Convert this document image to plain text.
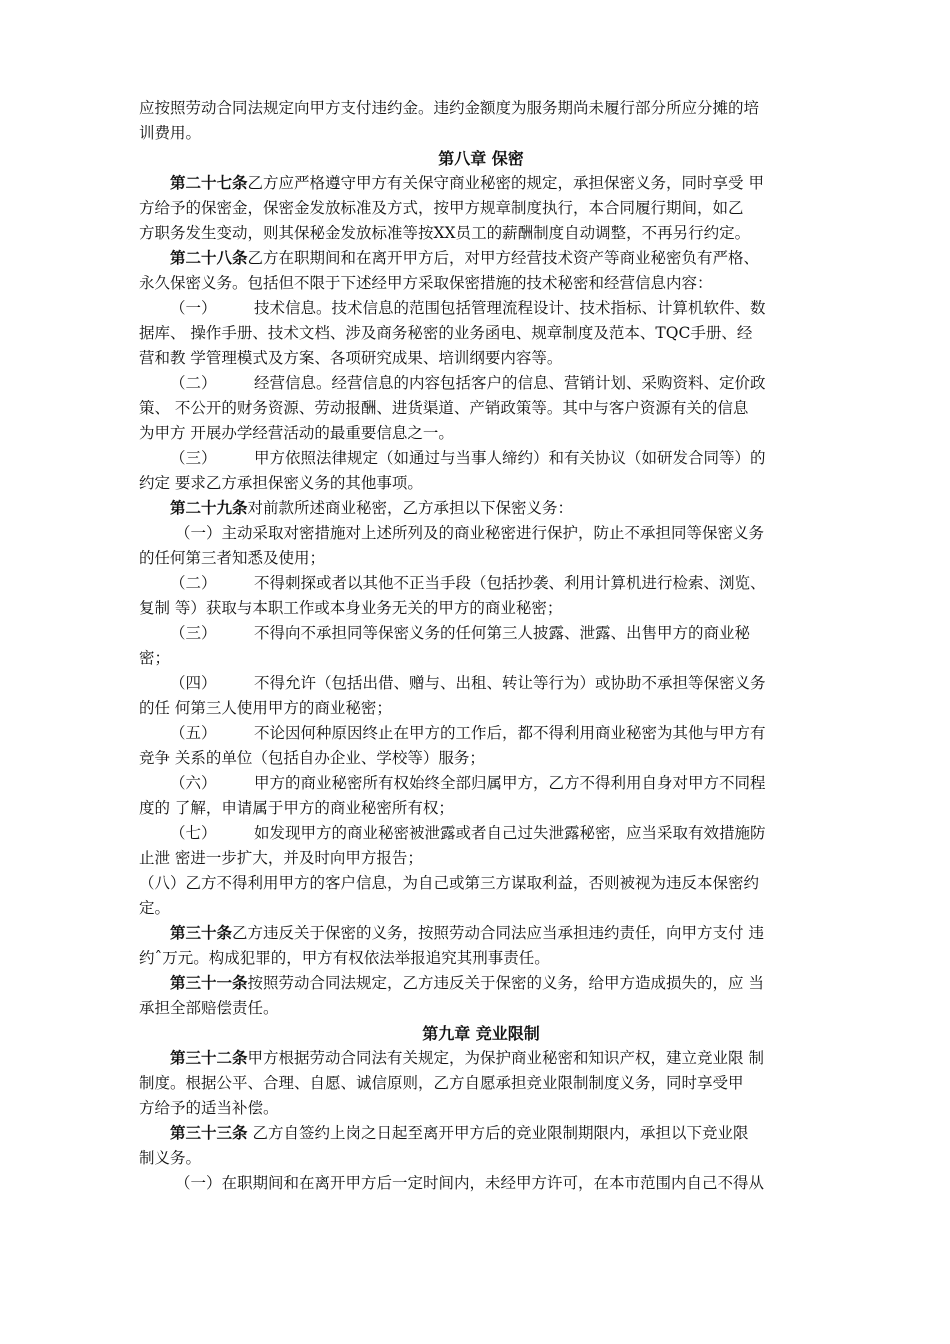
应按照劳动合同法规定向甲方支付违约金。违约金额度为服务期尚未履行部分所应分摊的培
训费用。
第八章 保密
第二十七条乙方应严格遵守甲方有关保守商业秘密的规定，承担保密义务，同时享受 甲
方给予的保密金，保密金发放标准及方式，按甲方规章制度执行，本合同履行期间，如乙
方职务发生变动，则其保秘金发放标准等按XX员工的薪酬制度自动调整，不再另行约定。
第二十八条乙方在职期间和在离开甲方后，对甲方经营技术资产等商业秘密负有严格、
永久保密义务。包括但不限于下述经甲方采取保密措施的技术秘密和经营信息内容：
（一） 技术信息。技术信息的范围包括管理流程设计、技术指标、计算机软件、数
据库、 操作手册、技术文档、涉及商务秘密的业务函电、规章制度及范本、TQC手册、经
营和教 学管理模式及方案、各项研究成果、培训纲要内容等。
（二） 经营信息。经营信息的内容包括客户的信息、营销计划、采购资料、定价政
策、 不公开的财务资源、劳动报酬、进货渠道、产销政策等。其中与客户资源有关的信息
为甲方 开展办学经营活动的最重要信息之一。
（三） 甲方依照法律规定（如通过与当事人缔约）和有关协议（如研发合同等）的
约定 要求乙方承担保密义务的其他事项。
第二十九条对前款所述商业秘密，乙方承担以下保密义务：
（一）主动采取对密措施对上述所列及的商业秘密进行保护，防止不承担同等保密义务
的任何第三者知悉及使用；
（二） 不得刺探或者以其他不正当手段（包括抄袭、利用计算机进行检索、浏览、
复制 等）获取与本职工作或本身业务无关的甲方的商业秘密；
（三） 不得向不承担同等保密义务的任何第三人披露、泄露、出售甲方的商业秘
密；
（四） 不得允许（包括出借、赠与、出租、转让等行为）或协助不承担等保密义务
的任 何第三人使用甲方的商业秘密；
（五） 不论因何种原因终止在甲方的工作后，都不得利用商业秘密为其他与甲方有
竞争 关系的单位（包括自办企业、学校等）服务；
（六） 甲方的商业秘密所有权始终全部归属甲方，乙方不得利用自身对甲方不同程
度的 了解，申请属于甲方的商业秘密所有权；
（七） 如发现甲方的商业秘密被泄露或者自己过失泄露秘密，应当采取有效措施防
止泄 密进一步扩大，并及时向甲方报告；
（八）乙方不得利用甲方的客户信息，为自己或第三方谋取利益，否则被视为违反本保密约
定。
第三十条乙方违反关于保密的义务，按照劳动合同法应当承担违约责任，向甲方支付 违
约ˆ万元。构成犯罪的，甲方有权依法举报追究其刑事责任。
第三十一条按照劳动合同法规定，乙方违反关于保密的义务，给甲方造成损失的，应 当
承担全部赔偿责任。
第九章 竞业限制
第三十二条甲方根据劳动合同法有关规定，为保护商业秘密和知识产权，建立竞业限 制
制度。根据公平、合理、自愿、诚信原则，乙方自愿承担竞业限制制度义务，同时享受甲
方给予的适当补偿。
第三十三条 乙方自签约上岗之日起至离开甲方后的竞业限制期限内，承担以下竞业限
制义务。
（一）在职期间和在离开甲方后一定时间内，未经甲方许可，在本市范围内自己不得从
